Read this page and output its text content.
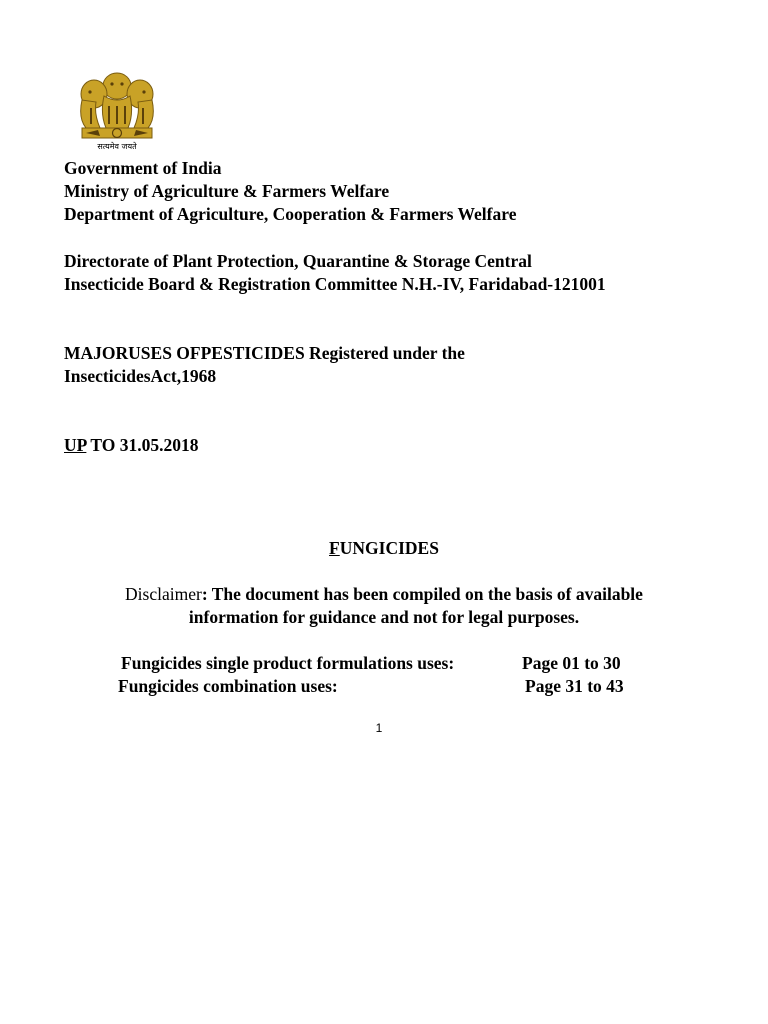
सत्यमेव जयते
Government of India
Ministry of Agriculture & Farmers Welfare
Department of Agriculture, Cooperation & Farmers Welfare
Directorate of Plant Protection, Quarantine & Storage Central
Insecticide Board & Registration Committee N.H.-IV, Faridabad-121001
MAJORUSES OFPESTICIDES Registered under the
InsecticidesAct,1968
UP TO 31.05.2018
FUNGICIDES
Disclaimer: The document has been compiled on the basis of available
information for guidance and not for legal purposes.
Fungicides single product formulations uses:	Page 01 to 30
Fungicides combination uses:	Page 31 to 43
1
